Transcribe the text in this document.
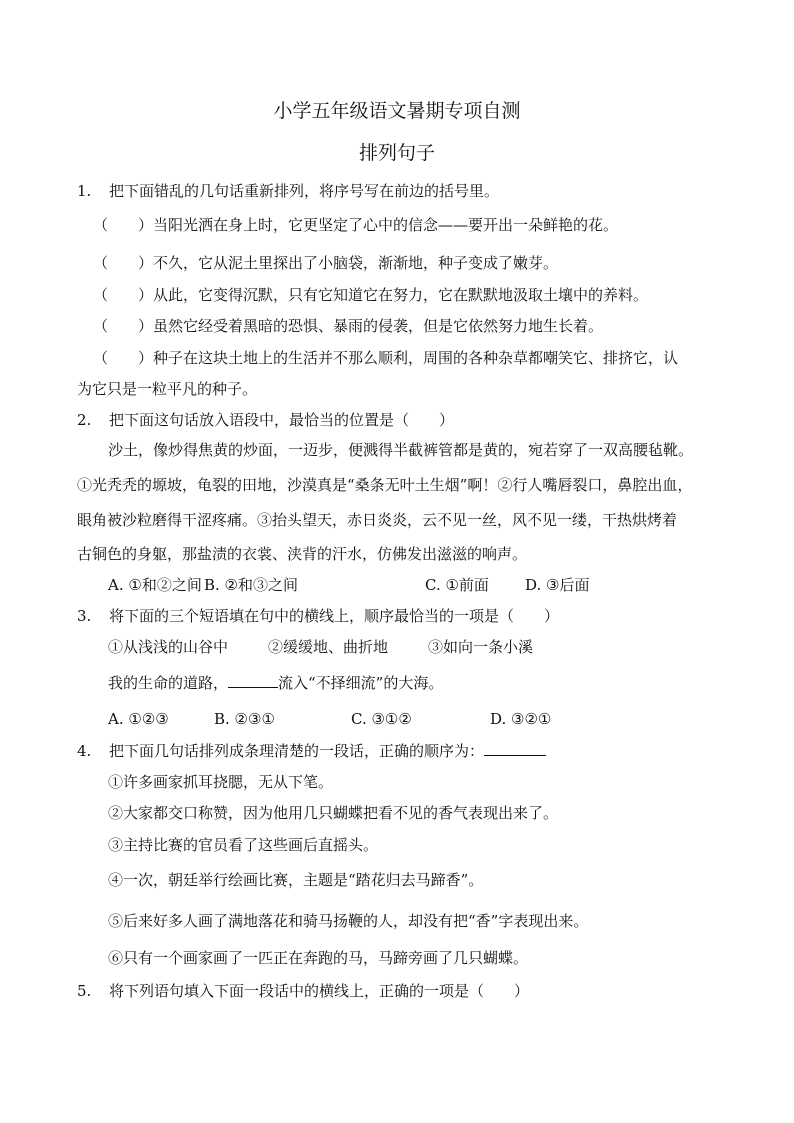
小学五年级语文暑期专项自测
排列句子
1. 把下面错乱的几句话重新排列，将序号写在前边的括号里。
（　　）当阳光洒在身上时，它更坚定了心中的信念——要开出一朵鲜艳的花。
（　　）不久，它从泥土里探出了小脑袋，渐渐地，种子变成了嫩芽。
（　　）从此，它变得沉默，只有它知道它在努力，它在默默地汲取土壤中的养料。
（　　）虽然它经受着黑暗的恐惧、暴雨的侵袭，但是它依然努力地生长着。
（　　）种子在这块土地上的生活并不那么顺利，周围的各种杂草都嘲笑它、排挤它，认
为它只是一粒平凡的种子。
2. 把下面这句话放入语段中，最恰当的位置是（　　）
沙土，像炒得焦黄的炒面，一迈步，便溅得半截裤管都是黄的，宛若穿了一双高腰毡靴。
①光秃秃的塬坡，龟裂的田地，沙漠真是“桑条无叶土生烟”啊！②行人嘴唇裂口，鼻腔出血，
眼角被沙粒磨得干涩疼痛。③抬头望天，赤日炎炎，云不见一丝，风不见一缕，干热烘烤着
古铜色的身躯，那盐渍的衣裳、浃背的汗水，仿佛发出滋滋的响声。
A. ①和②之间 B. ②和③之间	C. ①前面 D. ③后面
3. 将下面的三个短语填在句中的横线上，顺序最恰当的一项是（　　）
①从浅浅的山谷中	②缓缓地、曲折地	③如向一条小溪
我的生命的道路，	流入“不择细流”的大海。
A. ①②③	B. ②③①	C. ③①②	D. ③②①
4. 把下面几句话排列成条理清楚的一段话，正确的顺序为：
①许多画家抓耳挠腮，无从下笔。
②大家都交口称赞，因为他用几只蝴蝶把看不见的香气表现出来了。
③主持比赛的官员看了这些画后直摇头。
④一次，朝廷举行绘画比赛，主题是“踏花归去马蹄香”。
⑤后来好多人画了满地落花和骑马扬鞭的人，却没有把“香”字表现出来。
⑥只有一个画家画了一匹正在奔跑的马，马蹄旁画了几只蝴蝶。
5. 将下列语句填入下面一段话中的横线上，正确的一项是（　　）
